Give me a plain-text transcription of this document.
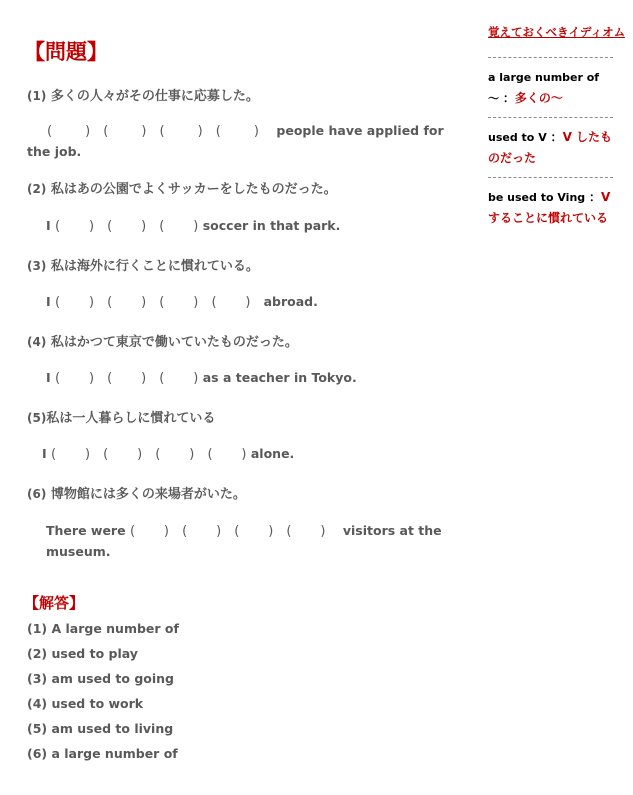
【問題】
(1) 多くの人々がその仕事に応募した。
(        ) (        ) (        ) (        ) people have applied for the job.
(2) 私はあの公園でよくサッカーをしたものだった。
I (       ) (       ) (       ) soccer in that park.
(3) 私は海外に行くことに慣れている。
I (       ) (       ) (       ) (       ) abroad.
(4) 私はかつて東京で働いていたものだった。
I (       ) (       ) (       ) as a teacher in Tokyo.
(5)私は一人暮らしに慣れている
I (       ) (       ) (       ) (       ) alone.
(6) 博物館には多くの来場者がいた。
There were (       ) (       ) (       ) (       ) visitors at the museum.
【解答】
(1) A large number of
(2) used to play
(3) am used to going
(4) used to work
(5) am used to living
(6) a large number of
覚えておくべきイディオム
a large number of 〜 ：多くの〜
used to V ：V したものだった
be used to Ving ：V することに慣れている
